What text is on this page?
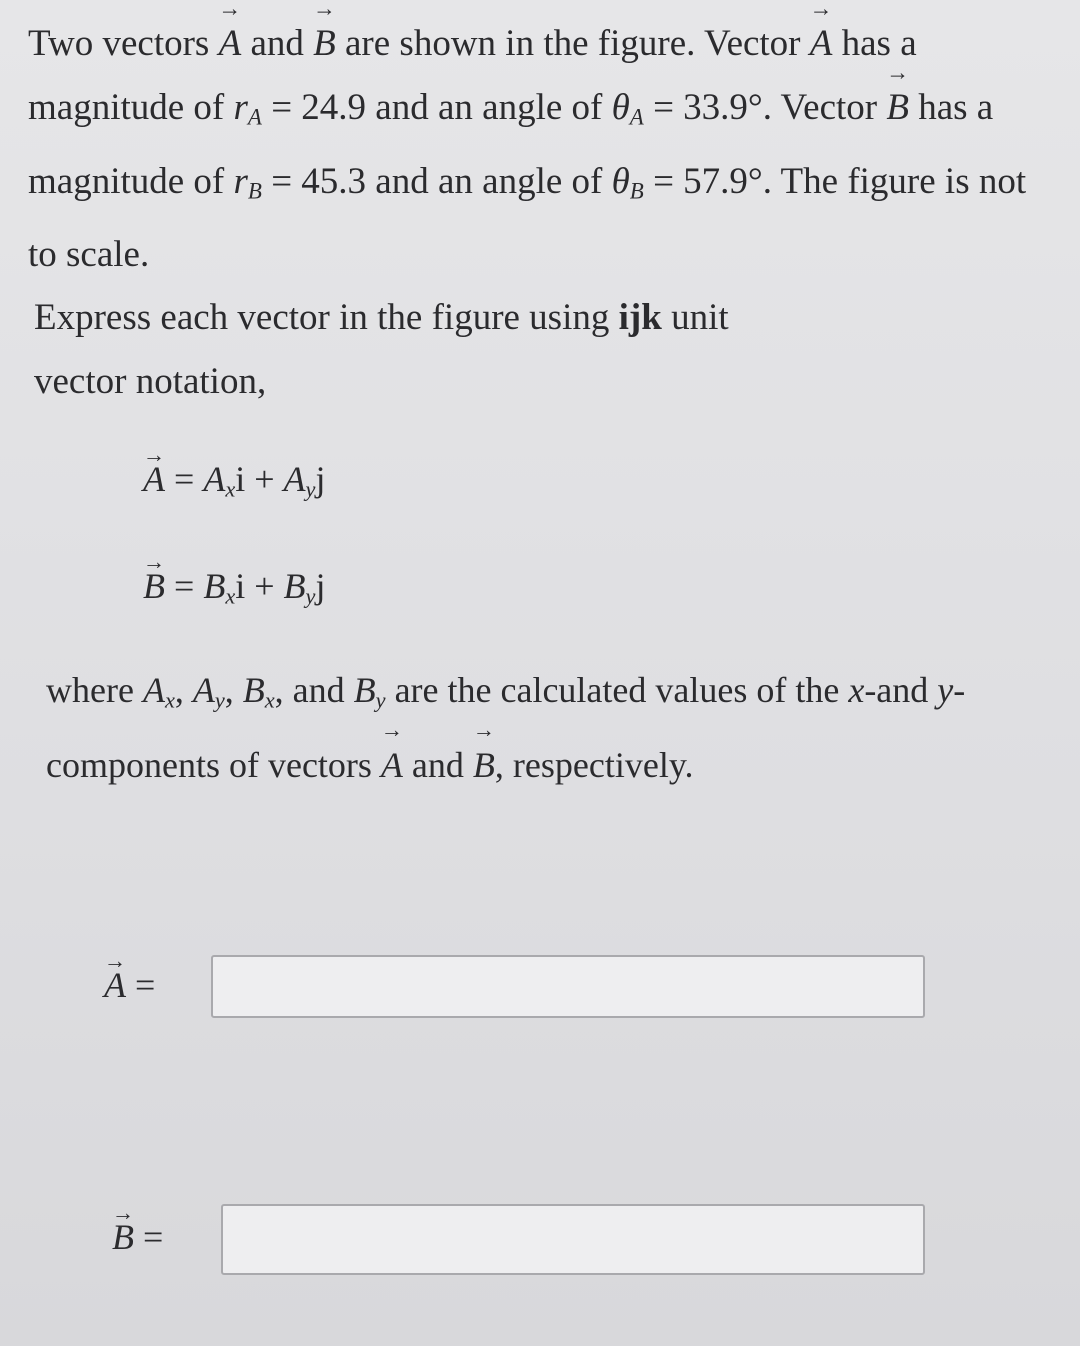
Two vectors → A and → B are shown in the figure. Vector → A has a magnitude of $r_A = 24.9$ and an angle of $\theta_A = 33.9^\circ$. Vector → B has a magnitude of $r_B = 45.3$ and an angle of $\theta_B = 57.9^\circ$. The figure is not to scale.
Express each vector in the figure using ijk unit vector notation,
→ $A = A_xi + A_yj$
→ $B = B_xi + B_yj$
where $A_x$, $A_y$, $B_x$, and $B_y$ are the calculated values of the x-and y-components of vectors → A and → B, respectively.
→ A =
→ B =
